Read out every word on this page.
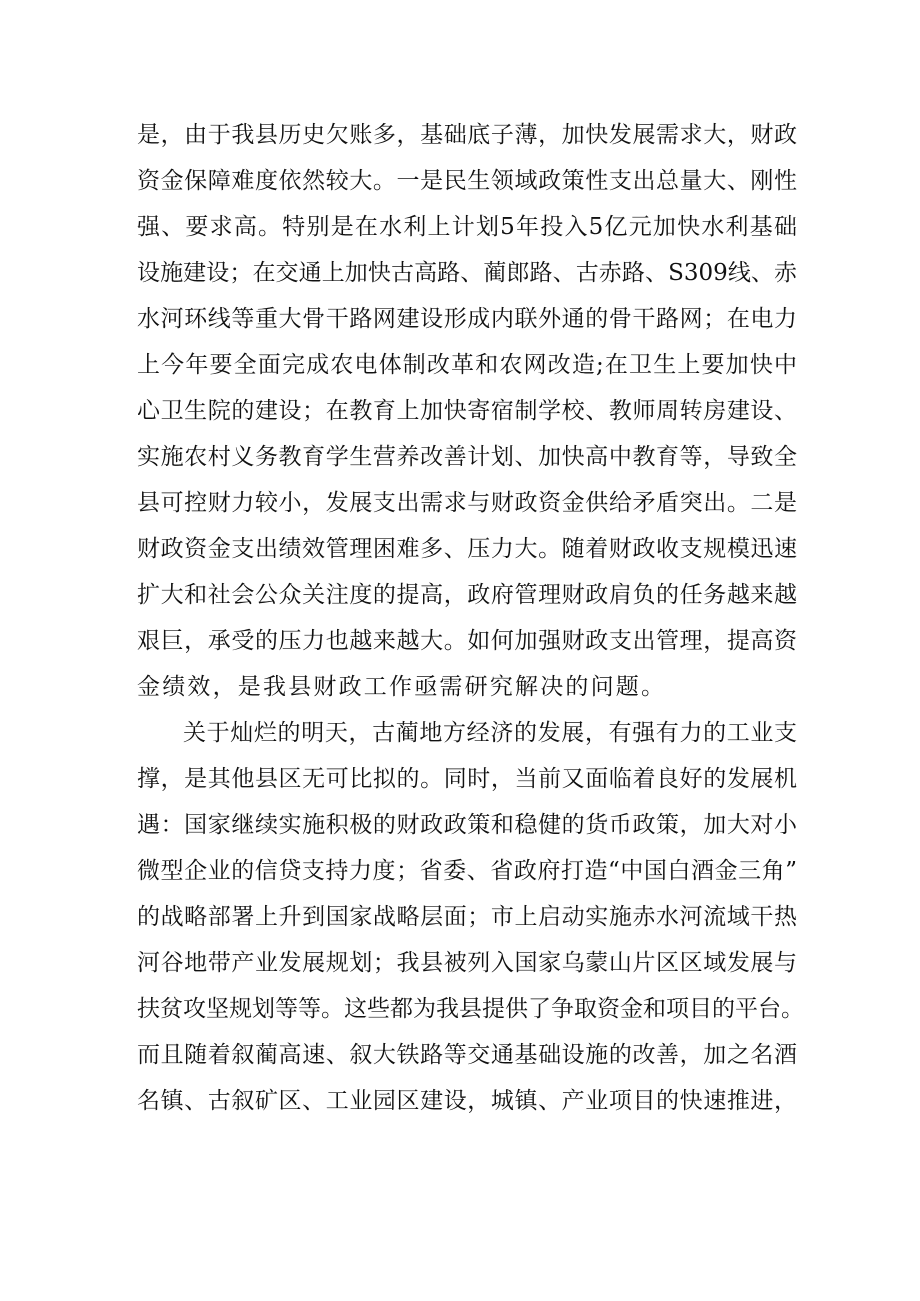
是，由于我县历史欠账多，基础底子薄，加快发展需求大，财政
资金保障难度依然较大。一是民生领域政策性支出总量大、刚性
强、要求高。特别是在水利上计划5年投入5亿元加快水利基础
设施建设；在交通上加快古高路、蔺郎路、古赤路、S309线、赤
水河环线等重大骨干路网建设形成内联外通的骨干路网；在电力
上今年要全面完成农电体制改革和农网改造;在卫生上要加快中
心卫生院的建设；在教育上加快寄宿制学校、教师周转房建设、
实施农村义务教育学生营养改善计划、加快高中教育等，导致全
县可控财力较小，发展支出需求与财政资金供给矛盾突出。二是
财政资金支出绩效管理困难多、压力大。随着财政收支规模迅速
扩大和社会公众关注度的提高，政府管理财政肩负的任务越来越
艰巨，承受的压力也越来越大。如何加强财政支出管理，提高资
金绩效，是我县财政工作亟需研究解决的问题。
关于灿烂的明天，古蔺地方经济的发展，有强有力的工业支
撑，是其他县区无可比拟的。同时，当前又面临着良好的发展机
遇：国家继续实施积极的财政政策和稳健的货币政策，加大对小
微型企业的信贷支持力度；省委、省政府打造“中国白酒金三角”
的战略部署上升到国家战略层面；市上启动实施赤水河流域干热
河谷地带产业发展规划；我县被列入国家乌蒙山片区区域发展与
扶贫攻坚规划等等。这些都为我县提供了争取资金和项目的平台。
而且随着叙蔺高速、叙大铁路等交通基础设施的改善，加之名酒
名镇、古叙矿区、工业园区建设，城镇、产业项目的快速推进，
